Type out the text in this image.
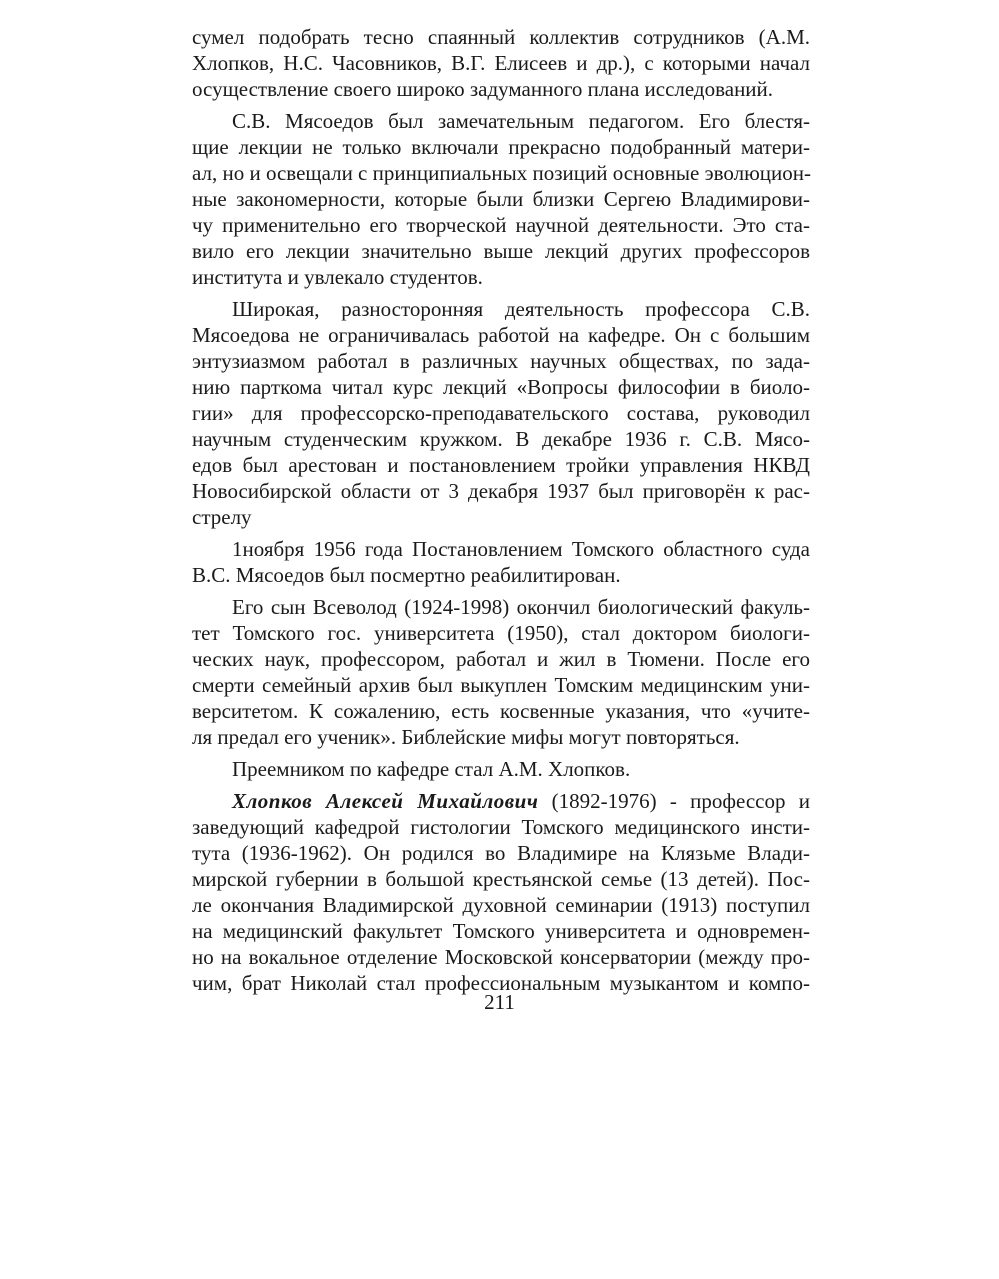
сумел подобрать тесно спаянный коллектив сотрудников (А.М.
Хлопков, Н.С. Часовников, В.Г. Елисеев и др.), с которыми начал
осуществление своего широко задуманного плана исследований.
С.В. Мясоедов был замечательным педагогом. Его блестя-
щие лекции не только включали прекрасно подобранный матери-
ал, но и освещали с принципиальных позиций основные эволюцион-
ные закономерности, которые были близки Сергею Владимирови-
чу применительно его творческой научной деятельности. Это ста-
вило его лекции значительно выше лекций других профессоров
института и увлекало студентов.
Широкая, разносторонняя деятельность профессора С.В.
Мясоедова не ограничивалась работой на кафедре. Он с большим
энтузиазмом работал в различных научных обществах, по зада-
нию парткома читал курс лекций «Вопросы философии в биоло-
гии» для профессорско-преподавательского состава, руководил
научным студенческим кружком. В декабре 1936 г. С.В. Мясо-
едов был арестован и постановлением тройки управления НКВД
Новосибирской области от 3 декабря 1937 был приговорён к рас-
стрелу
1ноября 1956 года Постановлением Томского областного суда
В.С. Мясоедов был посмертно реабилитирован.
Его сын Всеволод (1924-1998) окончил биологический факуль-
тет Томского гос. университета (1950), стал доктором биологи-
ческих наук, профессором, работал и жил в Тюмени. После его
смерти семейный архив был выкуплен Томским медицинским уни-
верситетом. К сожалению, есть косвенные указания, что «учите-
ля предал его ученик». Библейские мифы могут повторяться.
Преемником по кафедре стал А.М. Хлопков.
Хлопков Алексей Михайлович (1892-1976) - профессор и
заведующий кафедрой гистологии Томского медицинского инсти-
тута (1936-1962). Он родился во Владимире на Клязьме Влади-
мирской губернии в большой крестьянской семье (13 детей). Пос-
ле окончания Владимирской духовной семинарии (1913) поступил
на медицинский факультет Томского университета и одновремен-
но на вокальное отделение Московской консерватории (между про-
чим, брат Николай стал профессиональным музыкантом и компо-
211
